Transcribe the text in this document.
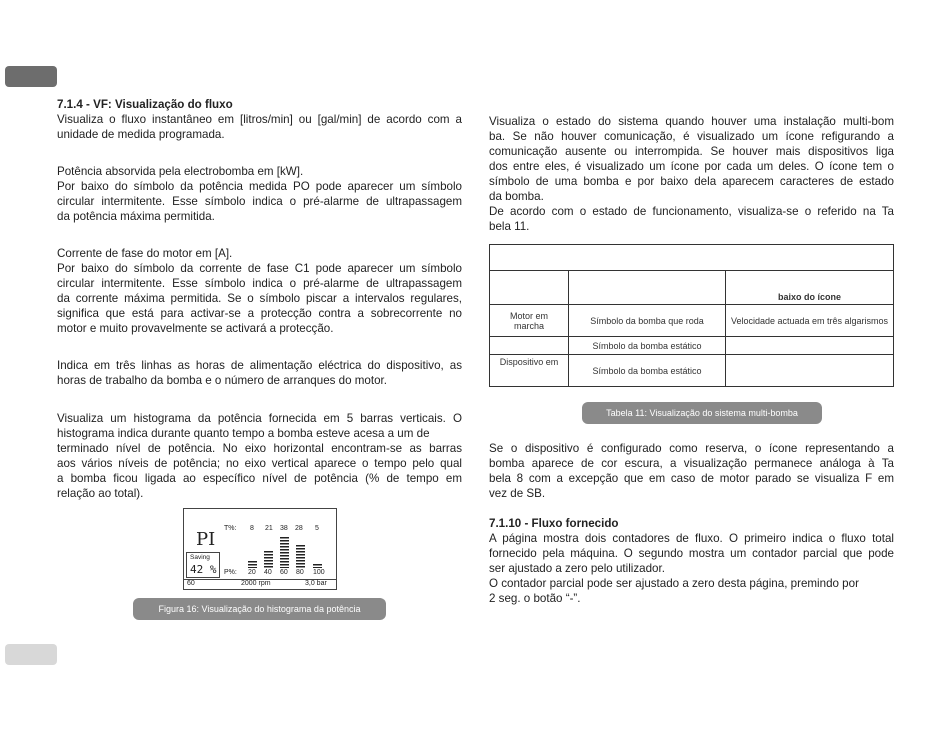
7.1.4 - VF: Visualização do fluxo
Visualiza o fluxo instantâneo em [litros/min] ou [gal/min] de acordo com a
unidade de medida programada.
Potência absorvida pela electrobomba em [kW].
Por baixo do símbolo da potência medida PO pode aparecer um símbolo
circular intermitente. Esse símbolo indica o pré-alarme de ultrapassagem
da potência máxima permitida.
Corrente de fase do motor em [A].
Por baixo do símbolo da corrente de fase C1 pode aparecer um símbolo
circular intermitente. Esse símbolo indica o pré-alarme de ultrapassagem
da corrente máxima permitida. Se o símbolo piscar a intervalos regulares,
significa que está para activar-se a protecção contra a sobrecorrente no
motor e muito provavelmente se activará a protecção.
Indica em três linhas as horas de alimentação eléctrica do dispositivo, as
horas de trabalho da bomba e o número de arranques do motor.
Visualiza um histograma da potência fornecida em 5 barras verticais. O
histograma indica durante quanto tempo a bomba esteve acesa a um de
terminado nível de potência. No eixo horizontal encontram-se as barras
aos vários níveis de potência; no eixo vertical aparece o tempo pelo qual
a bomba ficou ligada ao específico nível de potência (% de tempo em
relação ao total).
PI
T%: 8 21 38 28 5
Saving
42 % P%: 20 40 60 80 100
60	2000 rpm	3,0 bar
Figura 16: Visualização do histograma da potência
Visualiza o estado do sistema quando houver uma instalação multi-bom
ba. Se não houver comunicação, é visualizado um ícone refigurando a
comunicação ausente ou interrompida. Se houver mais dispositivos liga
dos entre eles, é visualizado um ícone por cada um deles. O ícone tem o
símbolo de uma bomba e por baixo dela aparecem caracteres de estado
da bomba.
De acordo com o estado de funcionamento, visualiza-se o referido na Ta
bela 11.

		baixo do ícone
Motor em marcha	Símbolo da bomba que roda	Velocidade actuada em três algarismos
	Símbolo da bomba estático	
Dispositivo em	Símbolo da bomba estático	
Tabela 11: Visualização do sistema multi-bomba
Se o dispositivo é configurado como reserva, o ícone representando a
bomba aparece de cor escura, a visualização permanece análoga à Ta
bela 8 com a excepção que em caso de motor parado se visualiza F em
vez de SB.
7.1.10 - Fluxo fornecido
A página mostra dois contadores de fluxo. O primeiro indica o fluxo total
fornecido pela máquina. O segundo mostra um contador parcial que pode
ser ajustado a zero pelo utilizador.
O contador parcial pode ser ajustado a zero desta página, premindo por
2 seg. o botão “-”.
